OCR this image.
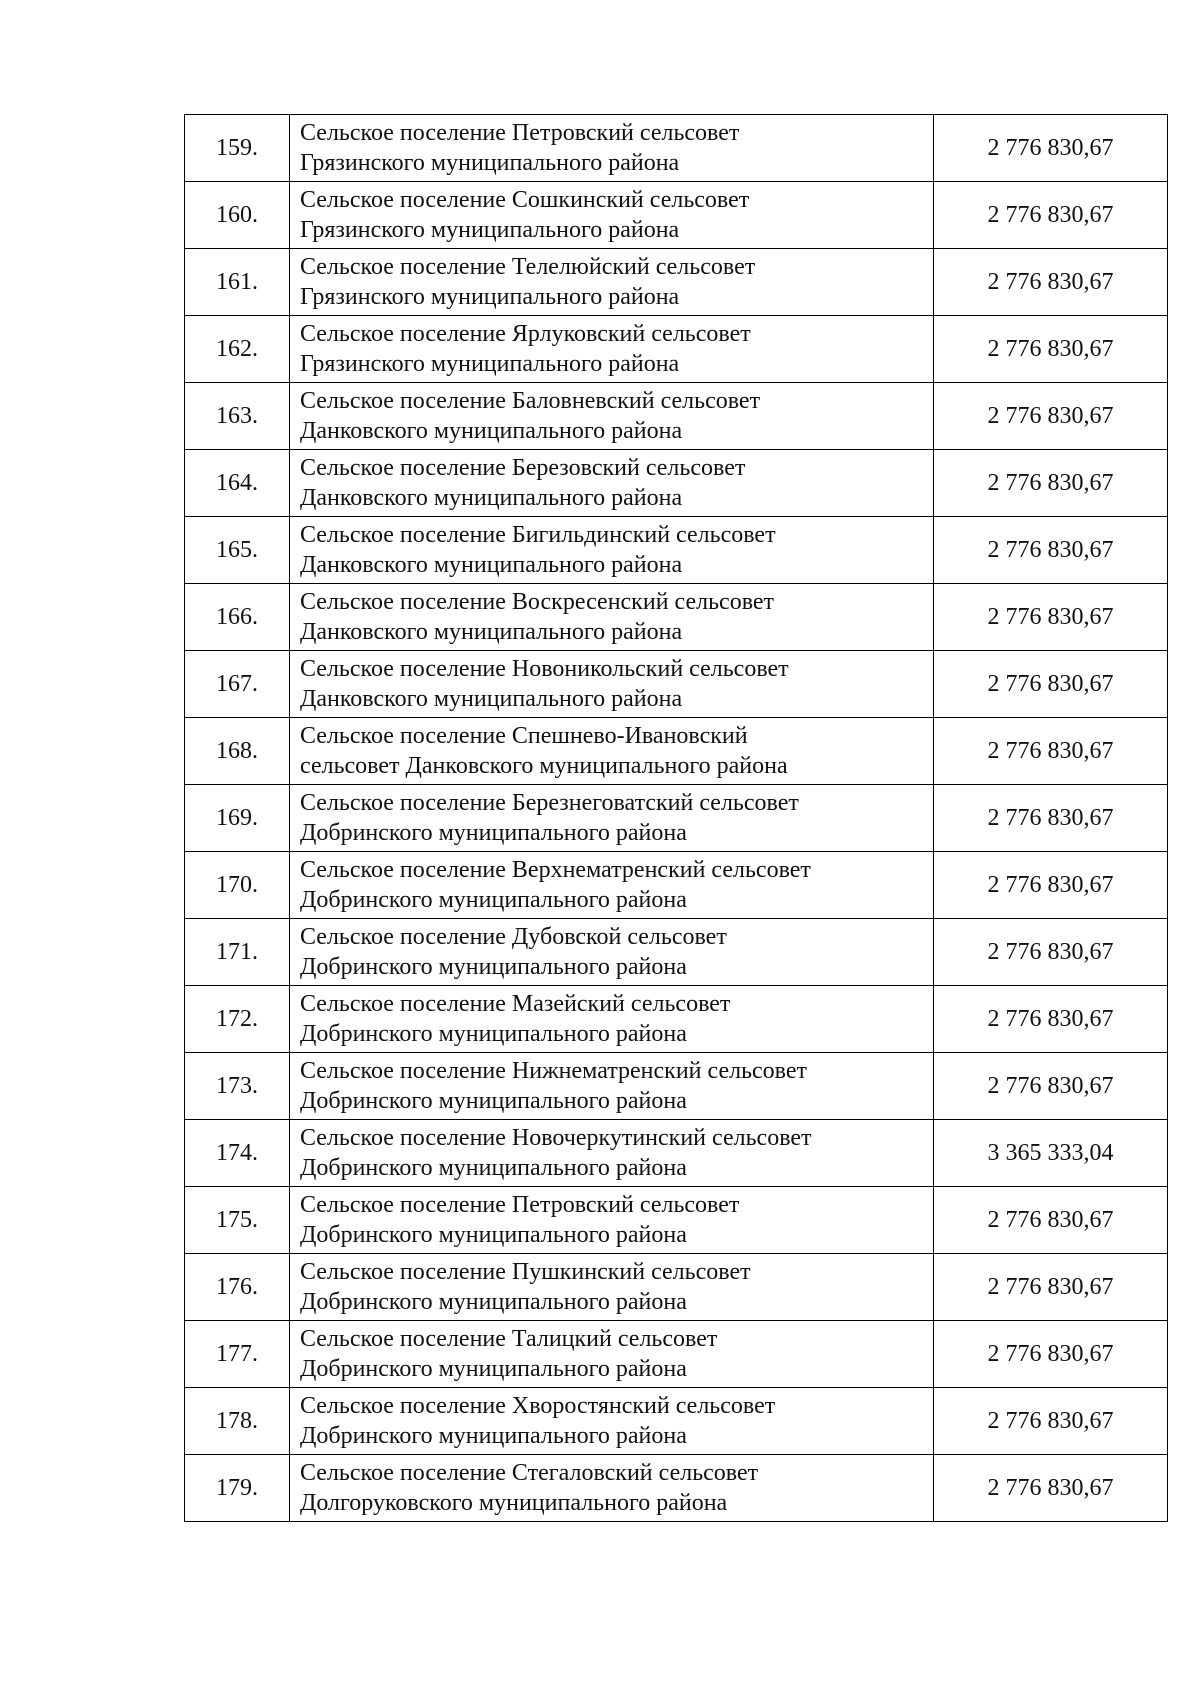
159.	Сельское поселение Петровский сельсовет
Грязинского муниципального района	2 776 830,67
160.	Сельское поселение Сошкинский сельсовет
Грязинского муниципального района	2 776 830,67
161.	Сельское поселение Телелюйский сельсовет
Грязинского муниципального района	2 776 830,67
162.	Сельское поселение Ярлуковский сельсовет
Грязинского муниципального района	2 776 830,67
163.	Сельское поселение Баловневский сельсовет
Данковского муниципального района	2 776 830,67
164.	Сельское поселение Березовский сельсовет
Данковского муниципального района	2 776 830,67
165.	Сельское поселение Бигильдинский сельсовет
Данковского муниципального района	2 776 830,67
166.	Сельское поселение Воскресенский сельсовет
Данковского муниципального района	2 776 830,67
167.	Сельское поселение Новоникольский сельсовет
Данковского муниципального района	2 776 830,67
168.	Сельское поселение Спешнево-Ивановский
сельсовет Данковского муниципального района	2 776 830,67
169.	Сельское поселение Березнеговатский сельсовет
Добринского муниципального района	2 776 830,67
170.	Сельское поселение Верхнематренский сельсовет
Добринского муниципального района	2 776 830,67
171.	Сельское поселение Дубовской сельсовет
Добринского муниципального района	2 776 830,67
172.	Сельское поселение Мазейский сельсовет
Добринского муниципального района	2 776 830,67
173.	Сельское поселение Нижнематренский сельсовет
Добринского муниципального района	2 776 830,67
174.	Сельское поселение Новочеркутинский сельсовет
Добринского муниципального района	3 365 333,04
175.	Сельское поселение Петровский сельсовет
Добринского муниципального района	2 776 830,67
176.	Сельское поселение Пушкинский сельсовет
Добринского муниципального района	2 776 830,67
177.	Сельское поселение Талицкий сельсовет
Добринского муниципального района	2 776 830,67
178.	Сельское поселение Хворостянский сельсовет
Добринского муниципального района	2 776 830,67
179.	Сельское поселение Стегаловский сельсовет
Долгоруковского муниципального района	2 776 830,67
